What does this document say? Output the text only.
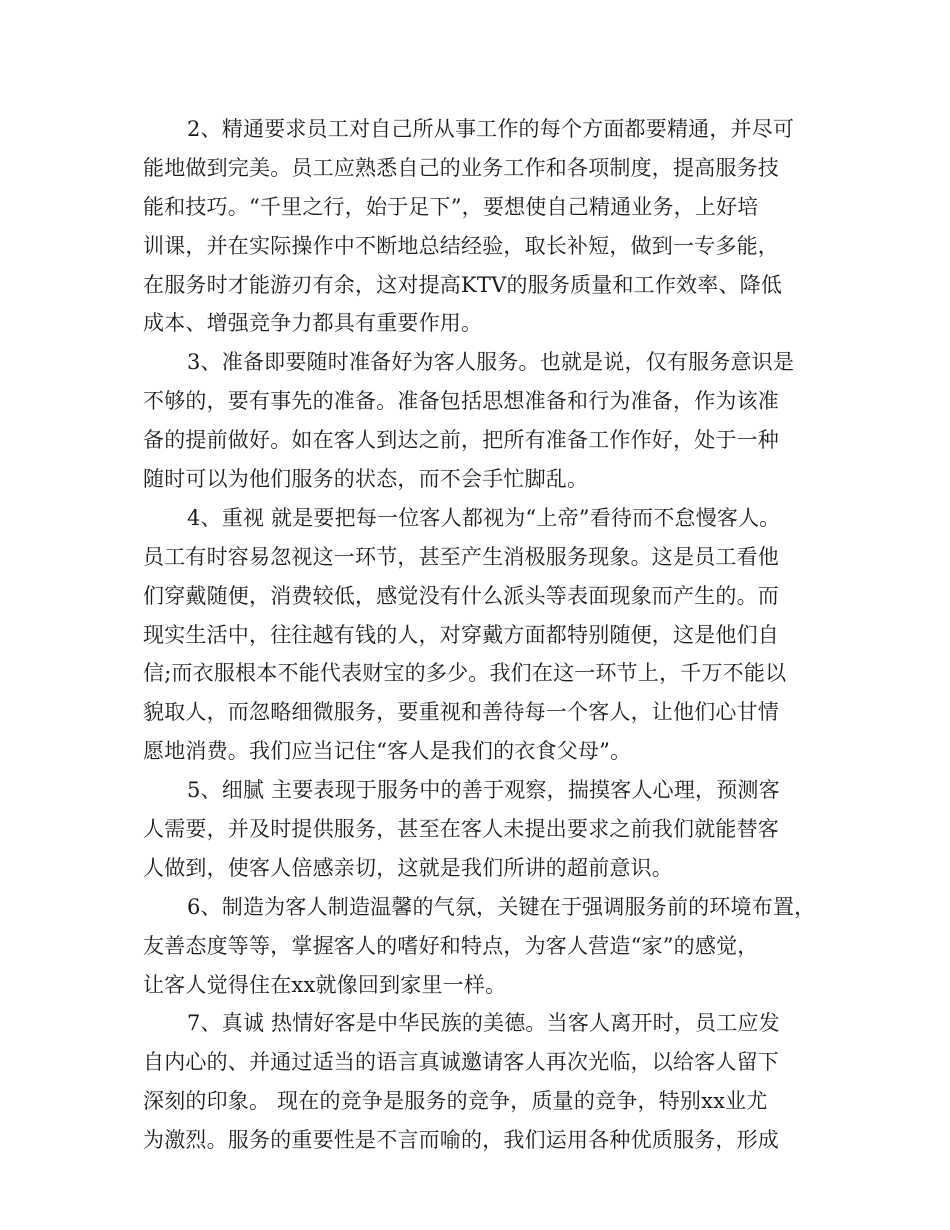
2、精通要求员工对自己所从事工作的每个方面都要精通，并尽可
能地做到完美。员工应熟悉自己的业务工作和各项制度，提高服务技
能和技巧。“千里之行，始于足下”，要想使自己精通业务，上好培
训课，并在实际操作中不断地总结经验，取长补短，做到一专多能，
在服务时才能游刃有余，这对提高KTV的服务质量和工作效率、降低
成本、增强竞争力都具有重要作用。
3、准备即要随时准备好为客人服务。也就是说，仅有服务意识是
不够的，要有事先的准备。准备包括思想准备和行为准备，作为该准
备的提前做好。如在客人到达之前，把所有准备工作作好，处于一种
随时可以为他们服务的状态，而不会手忙脚乱。
4、重视 就是要把每一位客人都视为“上帝”看待而不怠慢客人。
员工有时容易忽视这一环节，甚至产生消极服务现象。这是员工看他
们穿戴随便，消费较低，感觉没有什么派头等表面现象而产生的。而
现实生活中，往往越有钱的人，对穿戴方面都特别随便，这是他们自
信;而衣服根本不能代表财宝的多少。我们在这一环节上，千万不能以
貌取人，而忽略细微服务，要重视和善待每一个客人，让他们心甘情
愿地消费。我们应当记住“客人是我们的衣食父母”。
5、细腻 主要表现于服务中的善于观察，揣摸客人心理，预测客
人需要，并及时提供服务，甚至在客人未提出要求之前我们就能替客
人做到，使客人倍感亲切，这就是我们所讲的超前意识。
6、制造为客人制造温馨的气氛，关键在于强调服务前的环境布置，
友善态度等等，掌握客人的嗜好和特点，为客人营造“家”的感觉，
让客人觉得住在xx就像回到家里一样。
7、真诚 热情好客是中华民族的美德。当客人离开时，员工应发
自内心的、并通过适当的语言真诚邀请客人再次光临，以给客人留下
深刻的印象。 现在的竞争是服务的竞争，质量的竞争，特别xx业尤
为激烈。服务的重要性是不言而喻的，我们运用各种优质服务，形成
